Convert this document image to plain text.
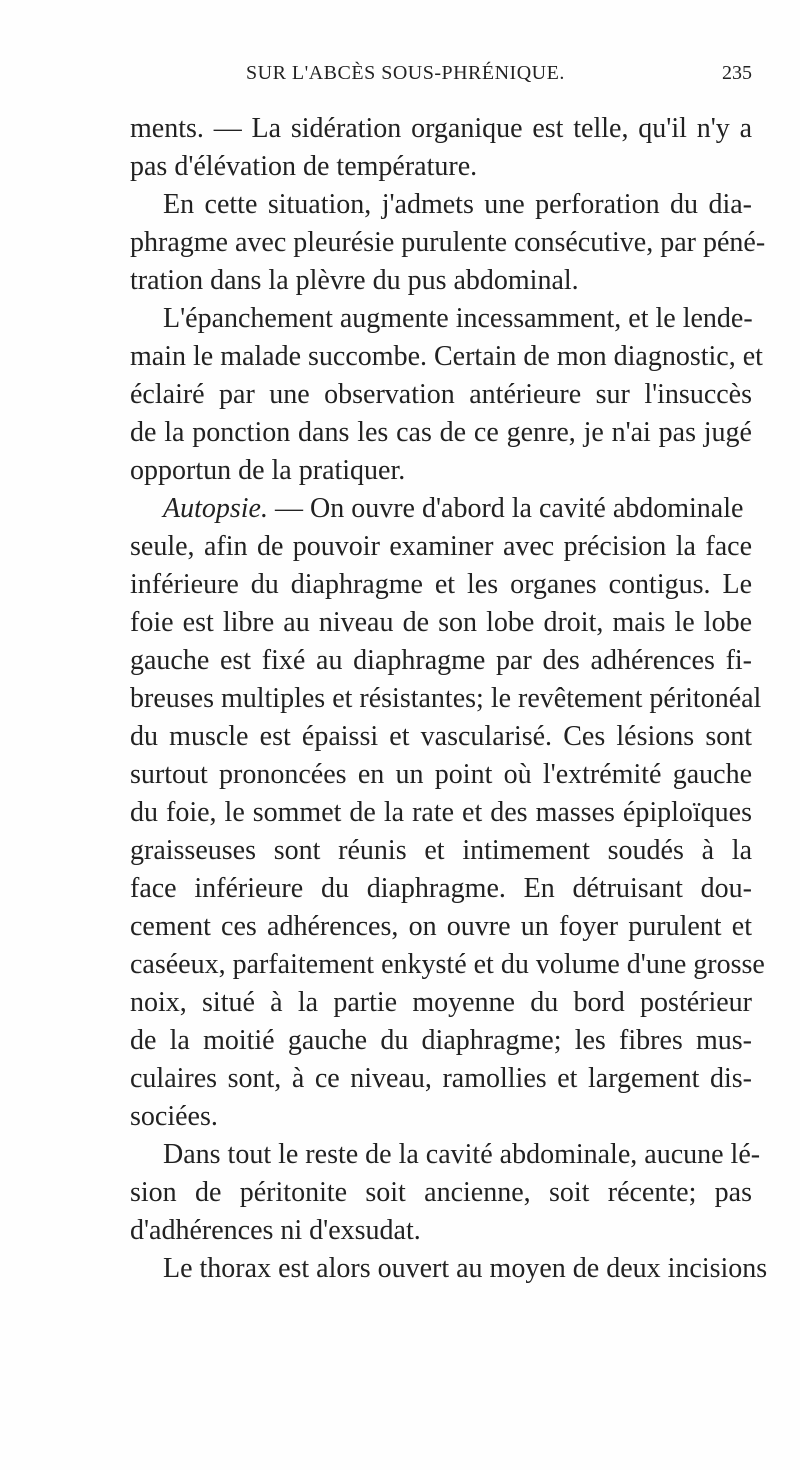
SUR L'ABCÈS SOUS-PHRÉNIQUE.	235
ments. — La sidération organique est telle, qu'il n'y a
pas d'élévation de température.
En cette situation, j'admets une perforation du dia-
phragme avec pleurésie purulente consécutive, par péné-
tration dans la plèvre du pus abdominal.
L'épanchement augmente incessamment, et le lende-
main le malade succombe. Certain de mon diagnostic, et
éclairé par une observation antérieure sur l'insuccès
de la ponction dans les cas de ce genre, je n'ai pas jugé
opportun de la pratiquer.
Autopsie. — On ouvre d'abord la cavité abdominale
seule, afin de pouvoir examiner avec précision la face
inférieure du diaphragme et les organes contigus. Le
foie est libre au niveau de son lobe droit, mais le lobe
gauche est fixé au diaphragme par des adhérences fi-
breuses multiples et résistantes; le revêtement péritonéal
du muscle est épaissi et vascularisé. Ces lésions sont
surtout prononcées en un point où l'extrémité gauche
du foie, le sommet de la rate et des masses épiploïques
graisseuses sont réunis et intimement soudés à la
face inférieure du diaphragme. En détruisant dou-
cement ces adhérences, on ouvre un foyer purulent et
caséeux, parfaitement enkysté et du volume d'une grosse
noix, situé à la partie moyenne du bord postérieur
de la moitié gauche du diaphragme; les fibres mus-
culaires sont, à ce niveau, ramollies et largement dis-
sociées.
Dans tout le reste de la cavité abdominale, aucune lé-
sion de péritonite soit ancienne, soit récente; pas
d'adhérences ni d'exsudat.
Le thorax est alors ouvert au moyen de deux incisions
